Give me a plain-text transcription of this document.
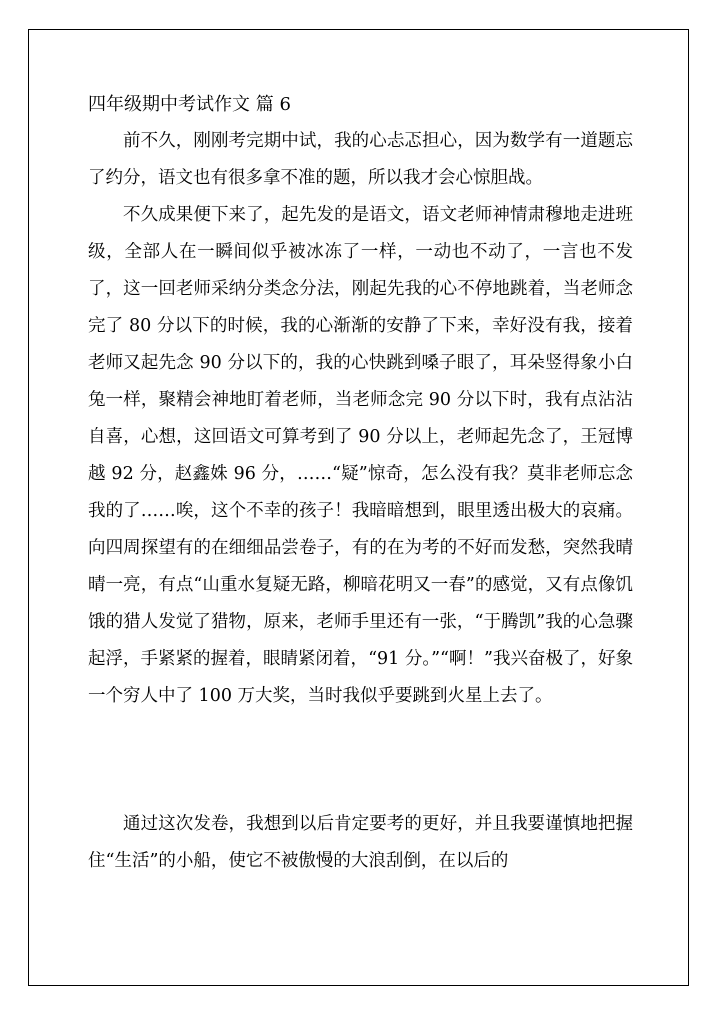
四年级期中考试作文 篇 6

前不久，刚刚考完期中试，我的心忐忑担心，因为数学有一道题忘了约分，语文也有很多拿不准的题，所以我才会心惊胆战。

不久成果便下来了，起先发的是语文，语文老师神情肃穆地走进班级，全部人在一瞬间似乎被冰冻了一样，一动也不动了，一言也不发了，这一回老师采纳分类念分法，刚起先我的心不停地跳着，当老师念完了 80 分以下的时候，我的心渐渐的安静了下来，幸好没有我，接着老师又起先念 90 分以下的，我的心快跳到嗓子眼了，耳朵竖得象小白兔一样，聚精会神地盯着老师，当老师念完 90 分以下时，我有点沾沾自喜，心想，这回语文可算考到了 90 分以上，老师起先念了，王冠博越 92 分，赵鑫姝 96 分，……“疑”惊奇，怎么没有我？莫非老师忘念我的了……唉，这个不幸的孩子！我暗暗想到，眼里透出极大的哀痛。向四周探望有的在细细品尝卷子，有的在为考的不好而发愁，突然我晴晴一亮，有点“山重水复疑无路，柳暗花明又一春”的感觉，又有点像饥饿的猎人发觉了猎物，原来，老师手里还有一张，“于腾凯”我的心急骤起浮，手紧紧的握着，眼睛紧闭着，“91 分。”“啊！”我兴奋极了，好象一个穷人中了 100 万大奖，当时我似乎要跳到火星上去了。

通过这次发卷，我想到以后肯定要考的更好，并且我要谨慎地把握住“生活”的小船，使它不被傲慢的大浪刮倒，在以后的
